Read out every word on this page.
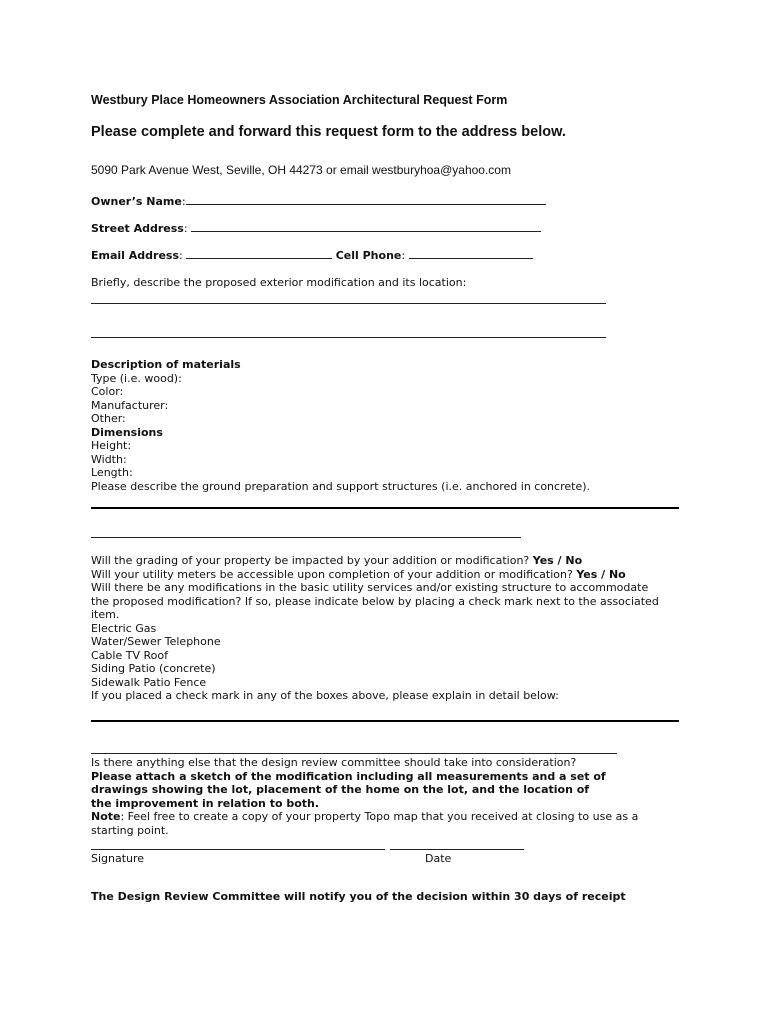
Westbury Place Homeowners Association Architectural Request Form
Please complete and forward this request form to the address below.
5090 Park Avenue West, Seville, OH 44273 or email westburyhoa@yahoo.com
Owner’s Name:
Street Address:
Email Address:	Cell Phone:
Briefly, describe the proposed exterior modification and its location:
Description of materials
Type (i.e. wood):
Color:
Manufacturer:
Other:
Dimensions
Height:
Width:
Length:
Please describe the ground preparation and support structures (i.e. anchored in concrete).
Will the grading of your property be impacted by your addition or modification? Yes / No
Will your utility meters be accessible upon completion of your addition or modification? Yes / No
Will there be any modifications in the basic utility services and/or existing structure to accommodate
the proposed modification? If so, please indicate below by placing a check mark next to the associated
item.
Electric Gas
Water/Sewer Telephone
Cable TV Roof
Siding Patio (concrete)
Sidewalk Patio Fence
If you placed a check mark in any of the boxes above, please explain in detail below:
Is there anything else that the design review committee should take into consideration?
Please attach a sketch of the modification including all measurements and a set of
drawings showing the lot, placement of the home on the lot, and the location of
the improvement in relation to both.
Note: Feel free to create a copy of your property Topo map that you received at closing to use as a
starting point.
Signature	Date
The Design Review Committee will notify you of the decision within 30 days of receipt
